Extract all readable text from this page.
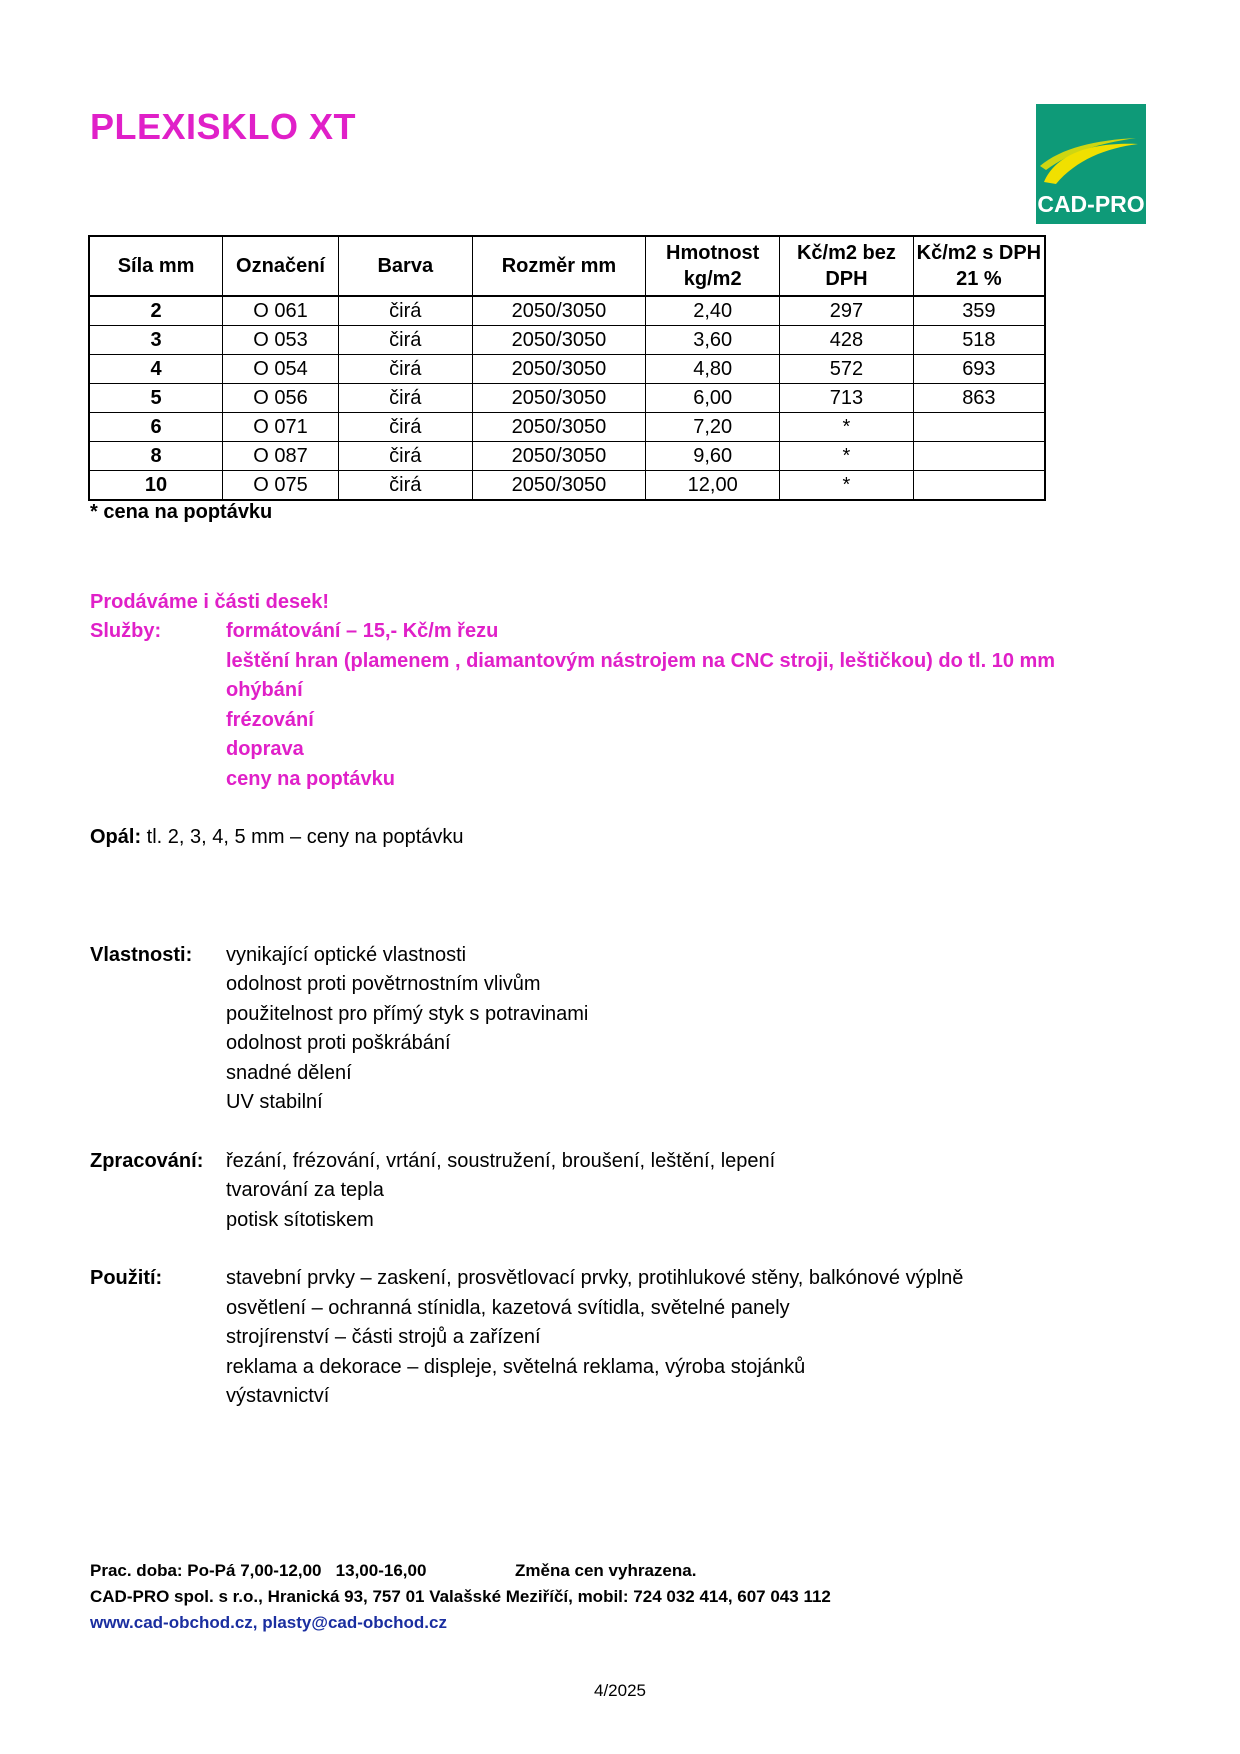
PLEXISKLO XT
CAD-PRO
Síla mm	Označení	Barva	Rozměr mm	Hmotnost kg/m2	Kč/m2 bez DPH	Kč/m2 s DPH 21 %
2	O 061	čirá	2050/3050	2,40	297	359
3	O 053	čirá	2050/3050	3,60	428	518
4	O 054	čirá	2050/3050	4,80	572	693
5	O 056	čirá	2050/3050	6,00	713	863
6	O 071	čirá	2050/3050	7,20	*	
8	O 087	čirá	2050/3050	9,60	*	
10	O 075	čirá	2050/3050	12,00	*	
* cena na poptávku
Prodáváme i části desek!
Služby:	formátování – 15,- Kč/m řezu
leštění hran (plamenem , diamantovým nástrojem na CNC stroji, leštičkou) do tl. 10 mm
ohýbání
frézování
doprava
ceny na poptávku
Opál: tl. 2, 3, 4, 5 mm – ceny na poptávku
Vlastnosti: vynikající optické vlastnosti
odolnost proti povětrnostním vlivům
použitelnost pro přímý styk s potravinami
odolnost proti poškrábání
snadné dělení
UV stabilní
Zpracování: řezání, frézování, vrtání, soustružení, broušení, leštění, lepení
tvarování za tepla
potisk sítotiskem
Použití:	stavební prvky – zaskení, prosvětlovací prvky, protihlukové stěny, balkónové výplně
osvětlení – ochranná stínidla, kazetová svítidla, světelné panely
strojírenství – části strojů a zařízení
reklama a dekorace – displeje, světelná reklama, výroba stojánků
výstavnictví
Prac. doba: Po-Pá 7,00-12,00   13,00-16,00	Změna cen vyhrazena.
CAD-PRO spol. s r.o., Hranická 93, 757 01 Valašské Meziříčí, mobil: 724 032 414, 607 043 112
www.cad-obchod.cz, plasty@cad-obchod.cz
4/2025
